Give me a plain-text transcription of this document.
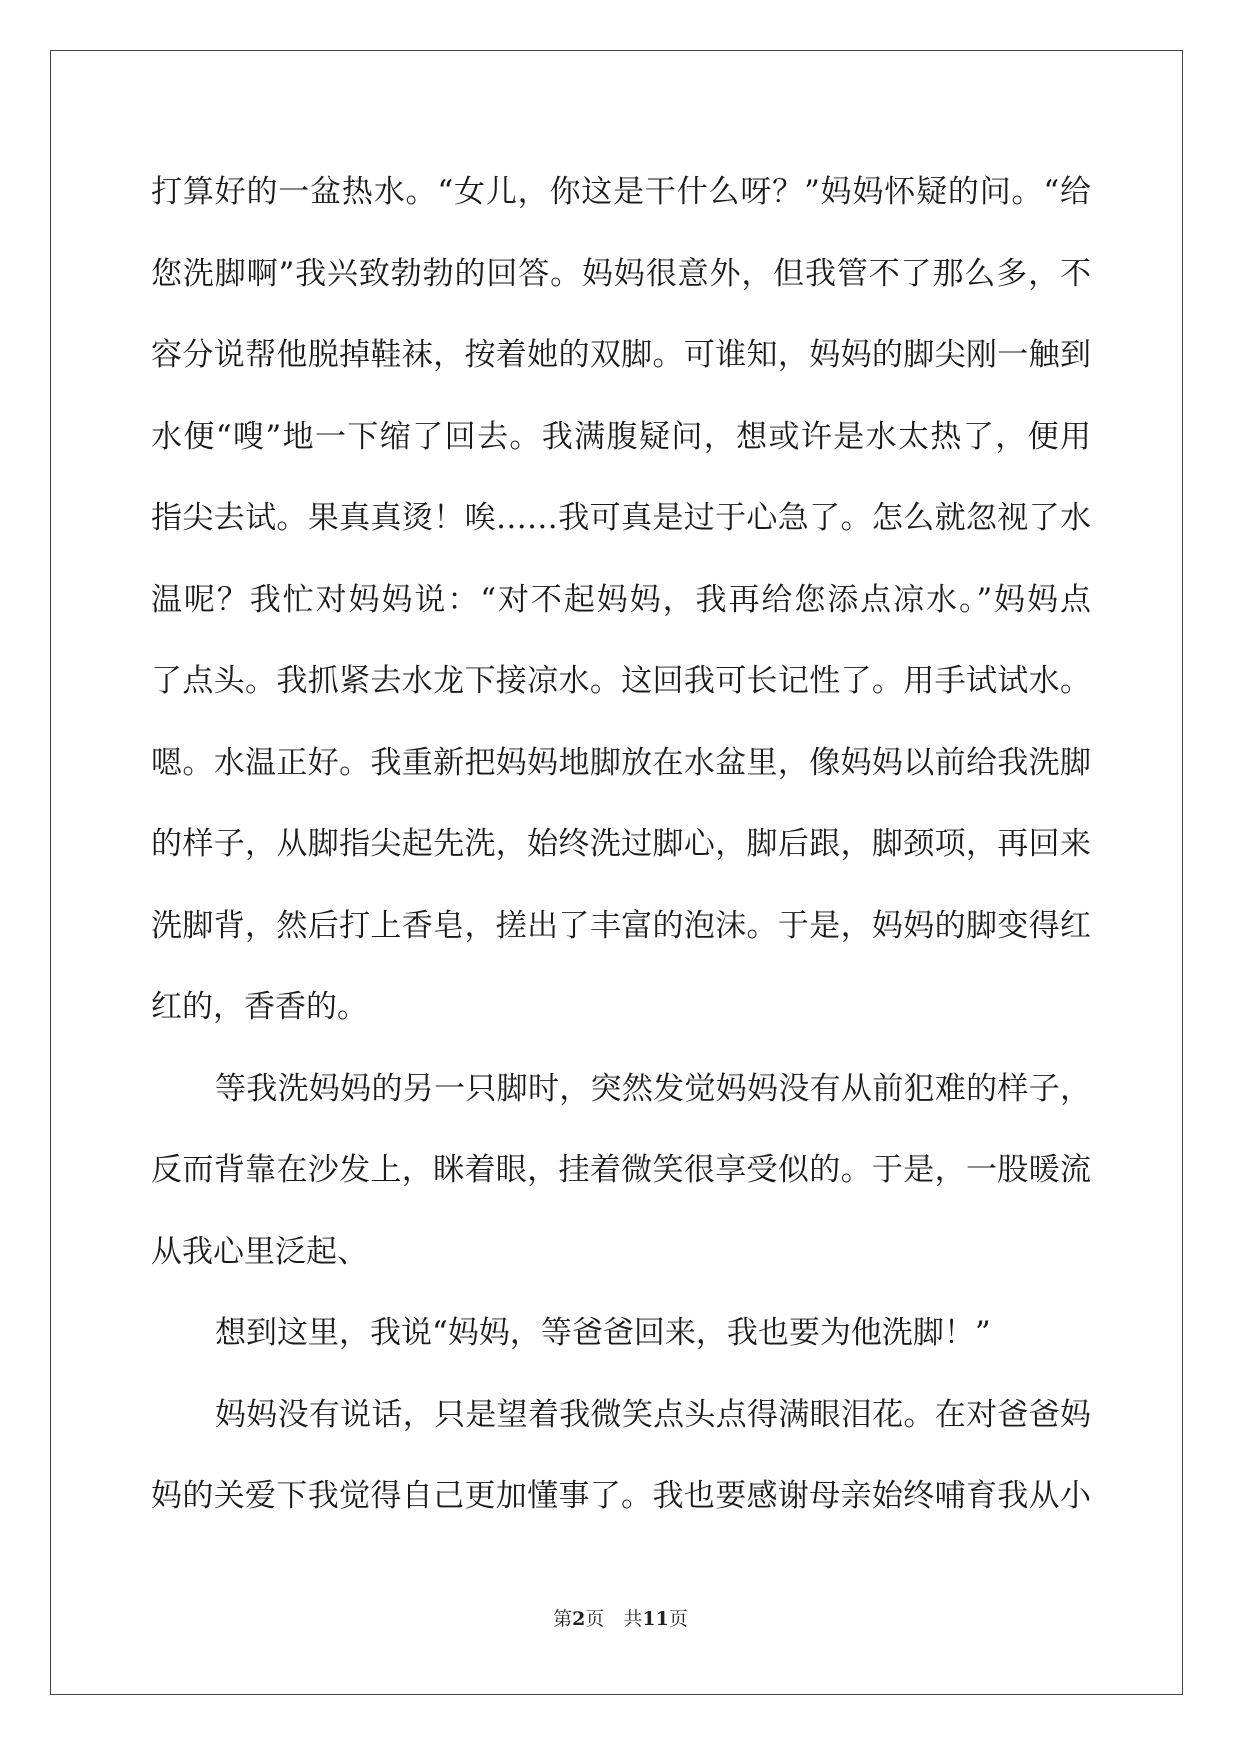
打算好的一盆热水。“女儿，你这是干什么呀？”妈妈怀疑的问。“给
您洗脚啊”我兴致勃勃的回答。妈妈很意外，但我管不了那么多，不
容分说帮他脱掉鞋袜，按着她的双脚。可谁知，妈妈的脚尖刚一触到
水便“嗖”地一下缩了回去。我满腹疑问，想或许是水太热了，便用
指尖去试。果真真烫！唉……我可真是过于心急了。怎么就忽视了水
温呢？我忙对妈妈说：“对不起妈妈，我再给您添点凉水。”妈妈点
了点头。我抓紧去水龙下接凉水。这回我可长记性了。用手试试水。
嗯。水温正好。我重新把妈妈地脚放在水盆里，像妈妈以前给我洗脚
的样子，从脚指尖起先洗，始终洗过脚心，脚后跟，脚颈项，再回来
洗脚背，然后打上香皂，搓出了丰富的泡沫。于是，妈妈的脚变得红
红的，香香的。
等我洗妈妈的另一只脚时，突然发觉妈妈没有从前犯难的样子，
反而背靠在沙发上，眯着眼，挂着微笑很享受似的。于是，一股暖流
从我心里泛起、
想到这里，我说“妈妈，等爸爸回来，我也要为他洗脚！”
妈妈没有说话，只是望着我微笑点头点得满眼泪花。在对爸爸妈
妈的关爱下我觉得自己更加懂事了。我也要感谢母亲始终哺育我从小
第2页　共11页
